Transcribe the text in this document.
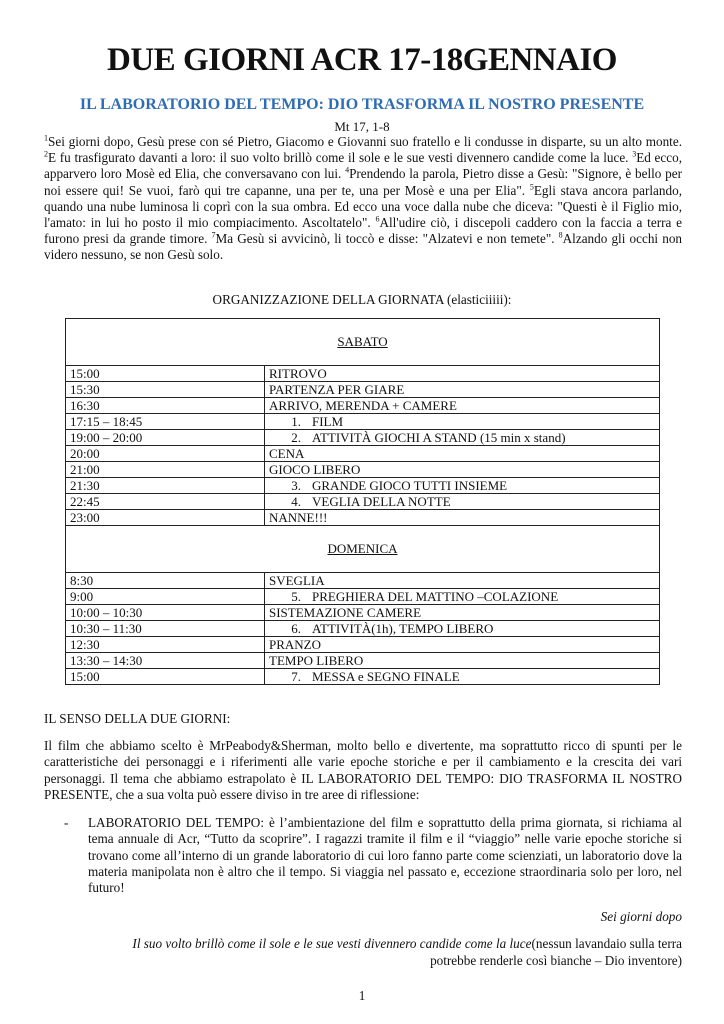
DUE GIORNI ACR 17-18GENNAIO
IL LABORATORIO DEL TEMPO: DIO TRASFORMA IL NOSTRO PRESENTE
Mt 17, 1-8
$^1$Sei giorni dopo, Gesù prese con sé Pietro, Giacomo e Giovanni suo fratello e li condusse in disparte, su un alto monte. $^2$E fu trasfigurato davanti a loro: il suo volto brillò come il sole e le sue vesti divennero candide come la luce. $^3$Ed ecco, apparvero loro Mosè ed Elia, che conversavano con lui. $^4$Prendendo la parola, Pietro disse a Gesù: "Signore, è bello per noi essere qui! Se vuoi, farò qui tre capanne, una per te, una per Mosè e una per Elia". $^5$Egli stava ancora parlando, quando una nube luminosa li coprì con la sua ombra. Ed ecco una voce dalla nube che diceva: "Questi è il Figlio mio, l'amato: in lui ho posto il mio compiacimento. Ascoltatelo". $^6$All'udire ciò, i discepoli caddero con la faccia a terra e furono presi da grande timore. $^7$Ma Gesù si avvicinò, li toccò e disse: "Alzatevi e non temete". $^8$Alzando gli occhi non videro nessuno, se non Gesù solo.
ORGANIZZAZIONE DELLA GIORNATA (elasticiiiii):
SABATO	
15:00	RITROVO
15:30	PARTENZA PER GIARE
16:30	ARRIVO, MERENDA + CAMERE
17:15 – 18:45	1. FILM
19:00 – 20:00	2. ATTIVITÀ GIOCHI A STAND (15 min x stand)
20:00	CENA
21:00	GIOCO LIBERO
21:30	3. GRANDE GIOCO TUTTI INSIEME
22:45	4. VEGLIA DELLA NOTTE
23:00	NANNE!!!
DOMENICA	
8:30	SVEGLIA
9:00	5. PREGHIERA DEL MATTINO –COLAZIONE
10:00 – 10:30	SISTEMAZIONE CAMERE
10:30 – 11:30	6. ATTIVITÀ(1h), TEMPO LIBERO
12:30	PRANZO
13:30 – 14:30	TEMPO LIBERO
15:00	7. MESSA e SEGNO FINALE
IL SENSO DELLA DUE GIORNI:
Il film che abbiamo scelto è MrPeabody&Sherman, molto bello e divertente, ma soprattutto ricco di spunti per le caratteristiche dei personaggi e i riferimenti alle varie epoche storiche e per il cambiamento e la crescita dei vari personaggi. Il tema che abbiamo estrapolato è IL LABORATORIO DEL TEMPO: DIO TRASFORMA IL NOSTRO PRESENTE, che a sua volta può essere diviso in tre aree di riflessione:
- LABORATORIO DEL TEMPO: è l’ambientazione del film e soprattutto della prima giornata, si richiama al tema annuale di Acr, “Tutto da scoprire”. I ragazzi tramite il film e il “viaggio” nelle varie epoche storiche si trovano come all’interno di un grande laboratorio di cui loro fanno parte come scienziati, un laboratorio dove la materia manipolata non è altro che il tempo. Si viaggia nel passato e, eccezione straordinaria solo per loro, nel futuro!
Sei giorni dopo
Il suo volto brillò come il sole e le sue vesti divennero candide come la luce(nessun lavandaio sulla terra potrebbe renderle così bianche – Dio inventore)
1
